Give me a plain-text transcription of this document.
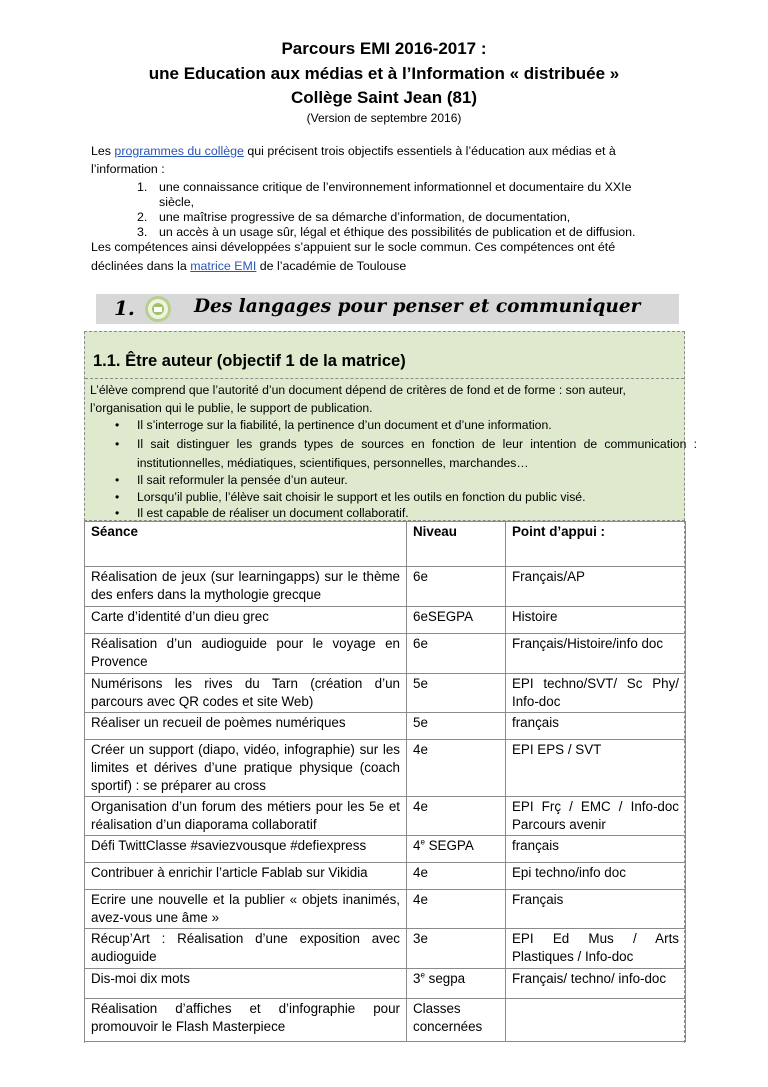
Parcours EMI 2016-2017 :
une Education aux médias et à l’Information « distribuée »
Collège Saint Jean (81)
(Version de septembre 2016)
Les programmes du collège qui précisent trois objectifs essentiels à l’éducation aux médias et à
l’information :
1. une connaissance critique de l’environnement informationnel et documentaire du XXIe
siècle,
2. une maîtrise progressive de sa démarche d’information, de documentation,
3. un accès à un usage sûr, légal et éthique des possibilités de publication et de diffusion.
Les compétences ainsi développées s’appuient sur le socle commun. Ces compétences ont été
déclinées dans la matrice EMI de l’académie de Toulouse
1.	Des langages pour penser et communiquer
1.1. Être auteur (objectif 1 de la matrice)
L’élève comprend que l’autorité d’un document dépend de critères de fond et de forme : son auteur,
l’organisation qui le publie, le support de publication.
• Il s’interroge sur la fiabilité, la pertinence d’un document et d’une information.
• Il sait distinguer les grands types de sources en fonction de leur intention de communication :
institutionnelles, médiatiques, scientifiques, personnelles, marchandes…
• Il sait reformuler la pensée d’un auteur.
• Lorsqu’il publie, l’élève sait choisir le support et les outils en fonction du public visé.
• Il est capable de réaliser un document collaboratif.
Séance	Niveau	Point d’appui :
Réalisation de jeux (sur learningapps) sur le thème des enfers dans la mythologie grecque	6e	Français/AP
Carte d’identité d’un dieu grec	6eSEGPA	Histoire
Réalisation d’un audioguide pour le voyage en Provence	6e	Français/Histoire/info doc
Numérisons les rives du Tarn (création d’un parcours avec QR codes et site Web)	5e	EPI techno/SVT/ Sc Phy/ Info-doc
Réaliser un recueil de poèmes numériques	5e	français
Créer un support (diapo, vidéo, infographie) sur les limites et dérives d’une pratique physique (coach sportif) : se préparer au cross	4e	EPI EPS / SVT
Organisation d’un forum des métiers pour les 5e et réalisation d’un diaporama collaboratif	4e	EPI Frç / EMC / Info-doc Parcours avenir
Défi TwittClasse #saviezvousque #defiexpress	4e SEGPA	français
Contribuer à enrichir l’article Fablab sur Vikidia	4e	Epi techno/info doc
Ecrire une nouvelle et la publier « objets inanimés, avez-vous une âme »	4e	Français
Récup’Art : Réalisation d’une exposition avec audioguide	3e	EPI Ed Mus / Arts Plastiques / Info-doc
Dis-moi dix mots	3e segpa	Français/ techno/ info-doc
Réalisation d’affiches et d’infographie pour promouvoir le Flash Masterpiece	Classes concernées	
